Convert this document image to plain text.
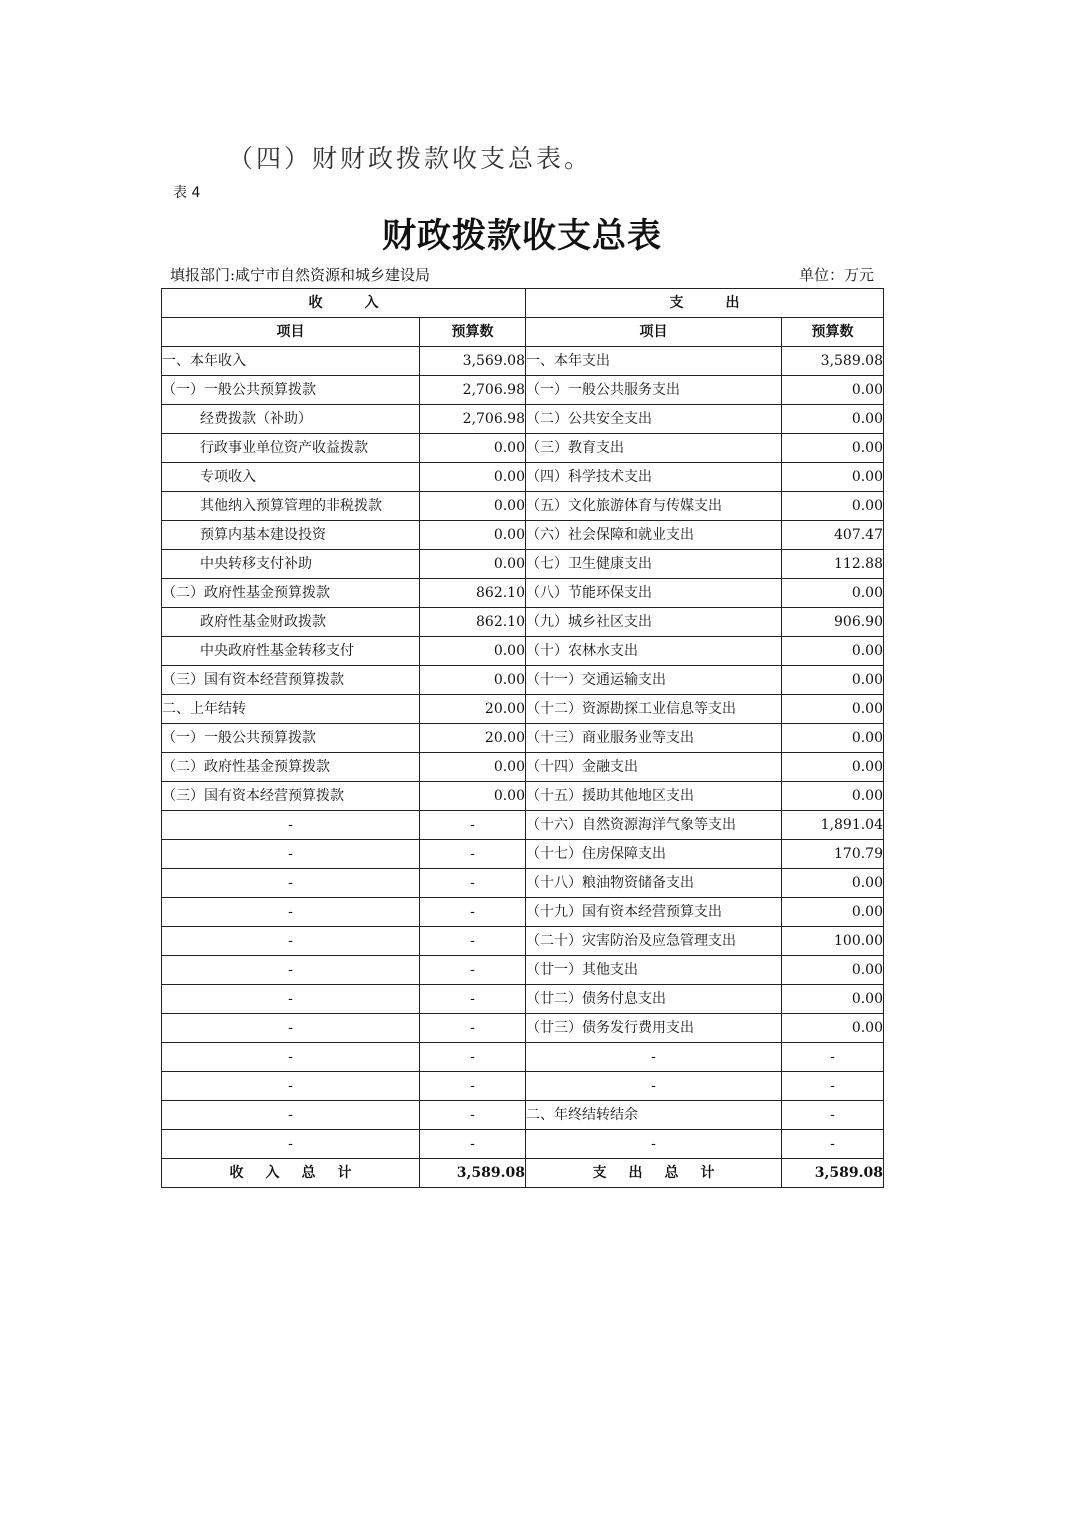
（四）财财政拨款收支总表。
表 4
财政拨款收支总表
填报部门:咸宁市自然资源和城乡建设局	单位：万元
收入		支出	
项目	预算数	项目	预算数
一、本年收入	3,569.08	一、本年支出	3,589.08
（一）一般公共预算拨款	2,706.98	（一）一般公共服务支出	0.00
经费拨款（补助）	2,706.98	（二）公共安全支出	0.00
行政事业单位资产收益拨款	0.00	（三）教育支出	0.00
专项收入	0.00	（四）科学技术支出	0.00
其他纳入预算管理的非税拨款	0.00	（五）文化旅游体育与传媒支出	0.00
预算内基本建设投资	0.00	（六）社会保障和就业支出	407.47
中央转移支付补助	0.00	（七）卫生健康支出	112.88
（二）政府性基金预算拨款	862.10	（八）节能环保支出	0.00
政府性基金财政拨款	862.10	（九）城乡社区支出	906.90
中央政府性基金转移支付	0.00	（十）农林水支出	0.00
（三）国有资本经营预算拨款	0.00	（十一）交通运输支出	0.00
二、上年结转	20.00	（十二）资源勘探工业信息等支出	0.00
（一）一般公共预算拨款	20.00	（十三）商业服务业等支出	0.00
（二）政府性基金预算拨款	0.00	（十四）金融支出	0.00
（三）国有资本经营预算拨款	0.00	（十五）援助其他地区支出	0.00
-	-	（十六）自然资源海洋气象等支出	1,891.04
-	-	（十七）住房保障支出	170.79
-	-	（十八）粮油物资储备支出	0.00
-	-	（十九）国有资本经营预算支出	0.00
-	-	（二十）灾害防治及应急管理支出	100.00
-	-	（廿一）其他支出	0.00
-	-	（廿二）债务付息支出	0.00
-	-	（廿三）债务发行费用支出	0.00
-	-	-	-
-	-	-	-
-	-	二、年终结转结余	-
-	-	-	-
收入总计	3,589.08	支出总计	3,589.08
